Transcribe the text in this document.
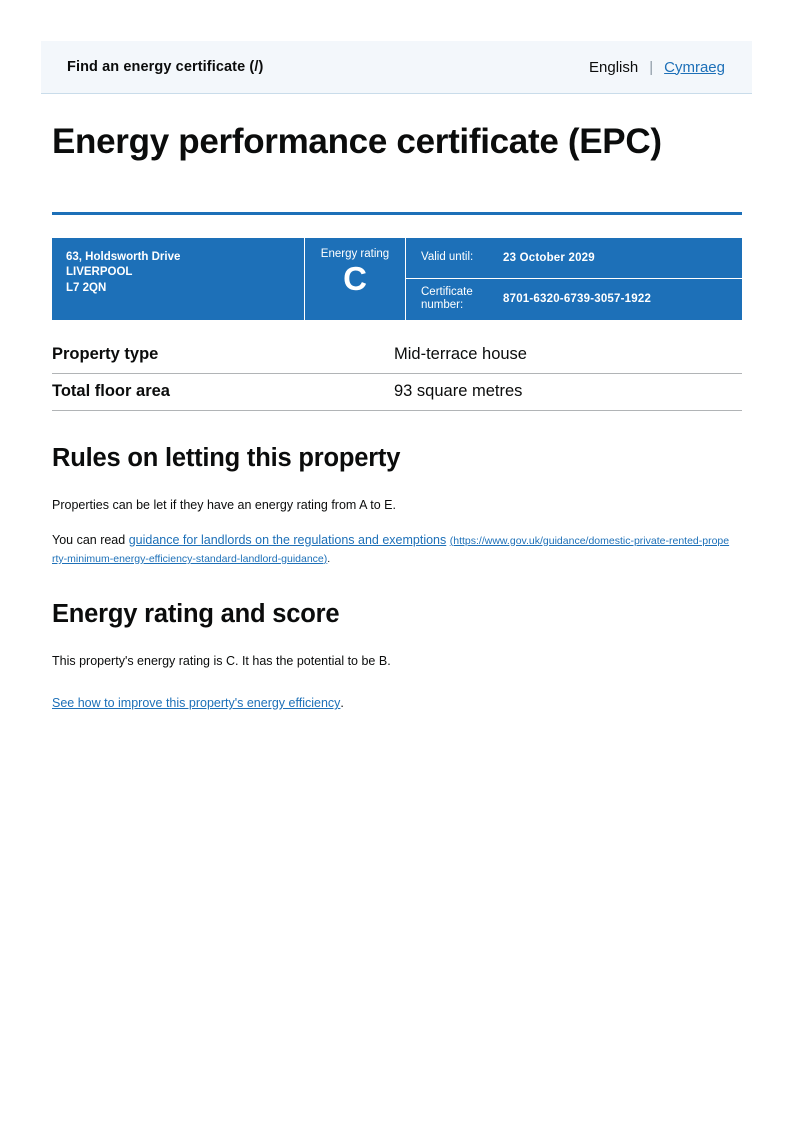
Find an energy certificate (/)	English | Cymraeg
Energy performance certificate (EPC)
63, Holdsworth Drive
LIVERPOOL
L7 2QN
Energy rating
C
Valid until:	23 October 2029
Certificate number:	8701-6320-6739-3057-1922
Property type	Mid-terrace house
Total floor area	93 square metres
Rules on letting this property

Properties can be let if they have an energy rating from A to E.

You can read guidance for landlords on the regulations and exemptions (https://www.gov.uk/guidance/domestic-private-rented-property-minimum-energy-efficiency-standard-landlord-guidance).

Energy rating and score

This property's energy rating is C. It has the potential to be B.

See how to improve this property's energy efficiency.
